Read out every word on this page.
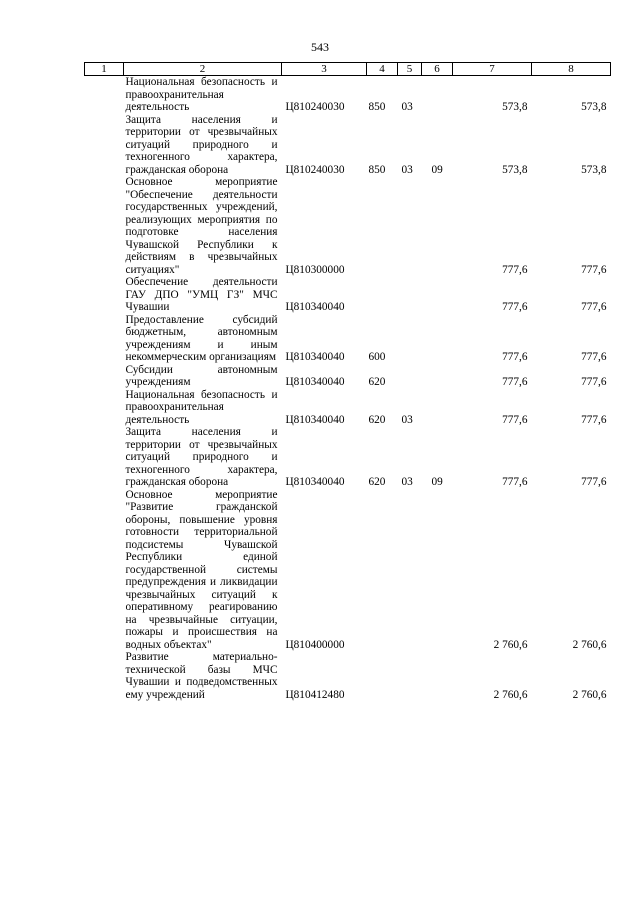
543
1	2	3	4	5	6	7	8
	Национальная безопасность и правоохранительная деятельность	Ц810240030	850	03		573,8	573,8
	Защита населения и территории от чрезвычайных ситуаций природного и техногенного характера, гражданская оборона	Ц810240030	850	03	09	573,8	573,8
	Основное мероприятие "Обеспечение деятельности государственных учреждений, реализующих мероприятия по подготовке населения Чувашской Республики к действиям в чрезвычайных ситуациях"	Ц810300000				777,6	777,6
	Обеспечение деятельности ГАУ ДПО "УМЦ ГЗ" МЧС Чувашии	Ц810340040				777,6	777,6
	Предоставление субсидий бюджетным, автономным учреждениям и иным некоммерческим организациям	Ц810340040	600			777,6	777,6
	Субсидии автономным учреждениям	Ц810340040	620			777,6	777,6
	Национальная безопасность и правоохранительная деятельность	Ц810340040	620	03		777,6	777,6
	Защита населения и территории от чрезвычайных ситуаций природного и техногенного характера, гражданская оборона	Ц810340040	620	03	09	777,6	777,6
	Основное мероприятие "Развитие гражданской обороны, повышение уровня готовности территориальной подсистемы Чувашской Республики единой государственной системы предупреждения и ликвидации чрезвычайных ситуаций к оперативному реагированию на чрезвычайные ситуации, пожары и происшествия на водных объектах"	Ц810400000				2 760,6	2 760,6
	Развитие материально-технической базы МЧС Чувашии и подведомственных ему учреждений	Ц810412480				2 760,6	2 760,6
